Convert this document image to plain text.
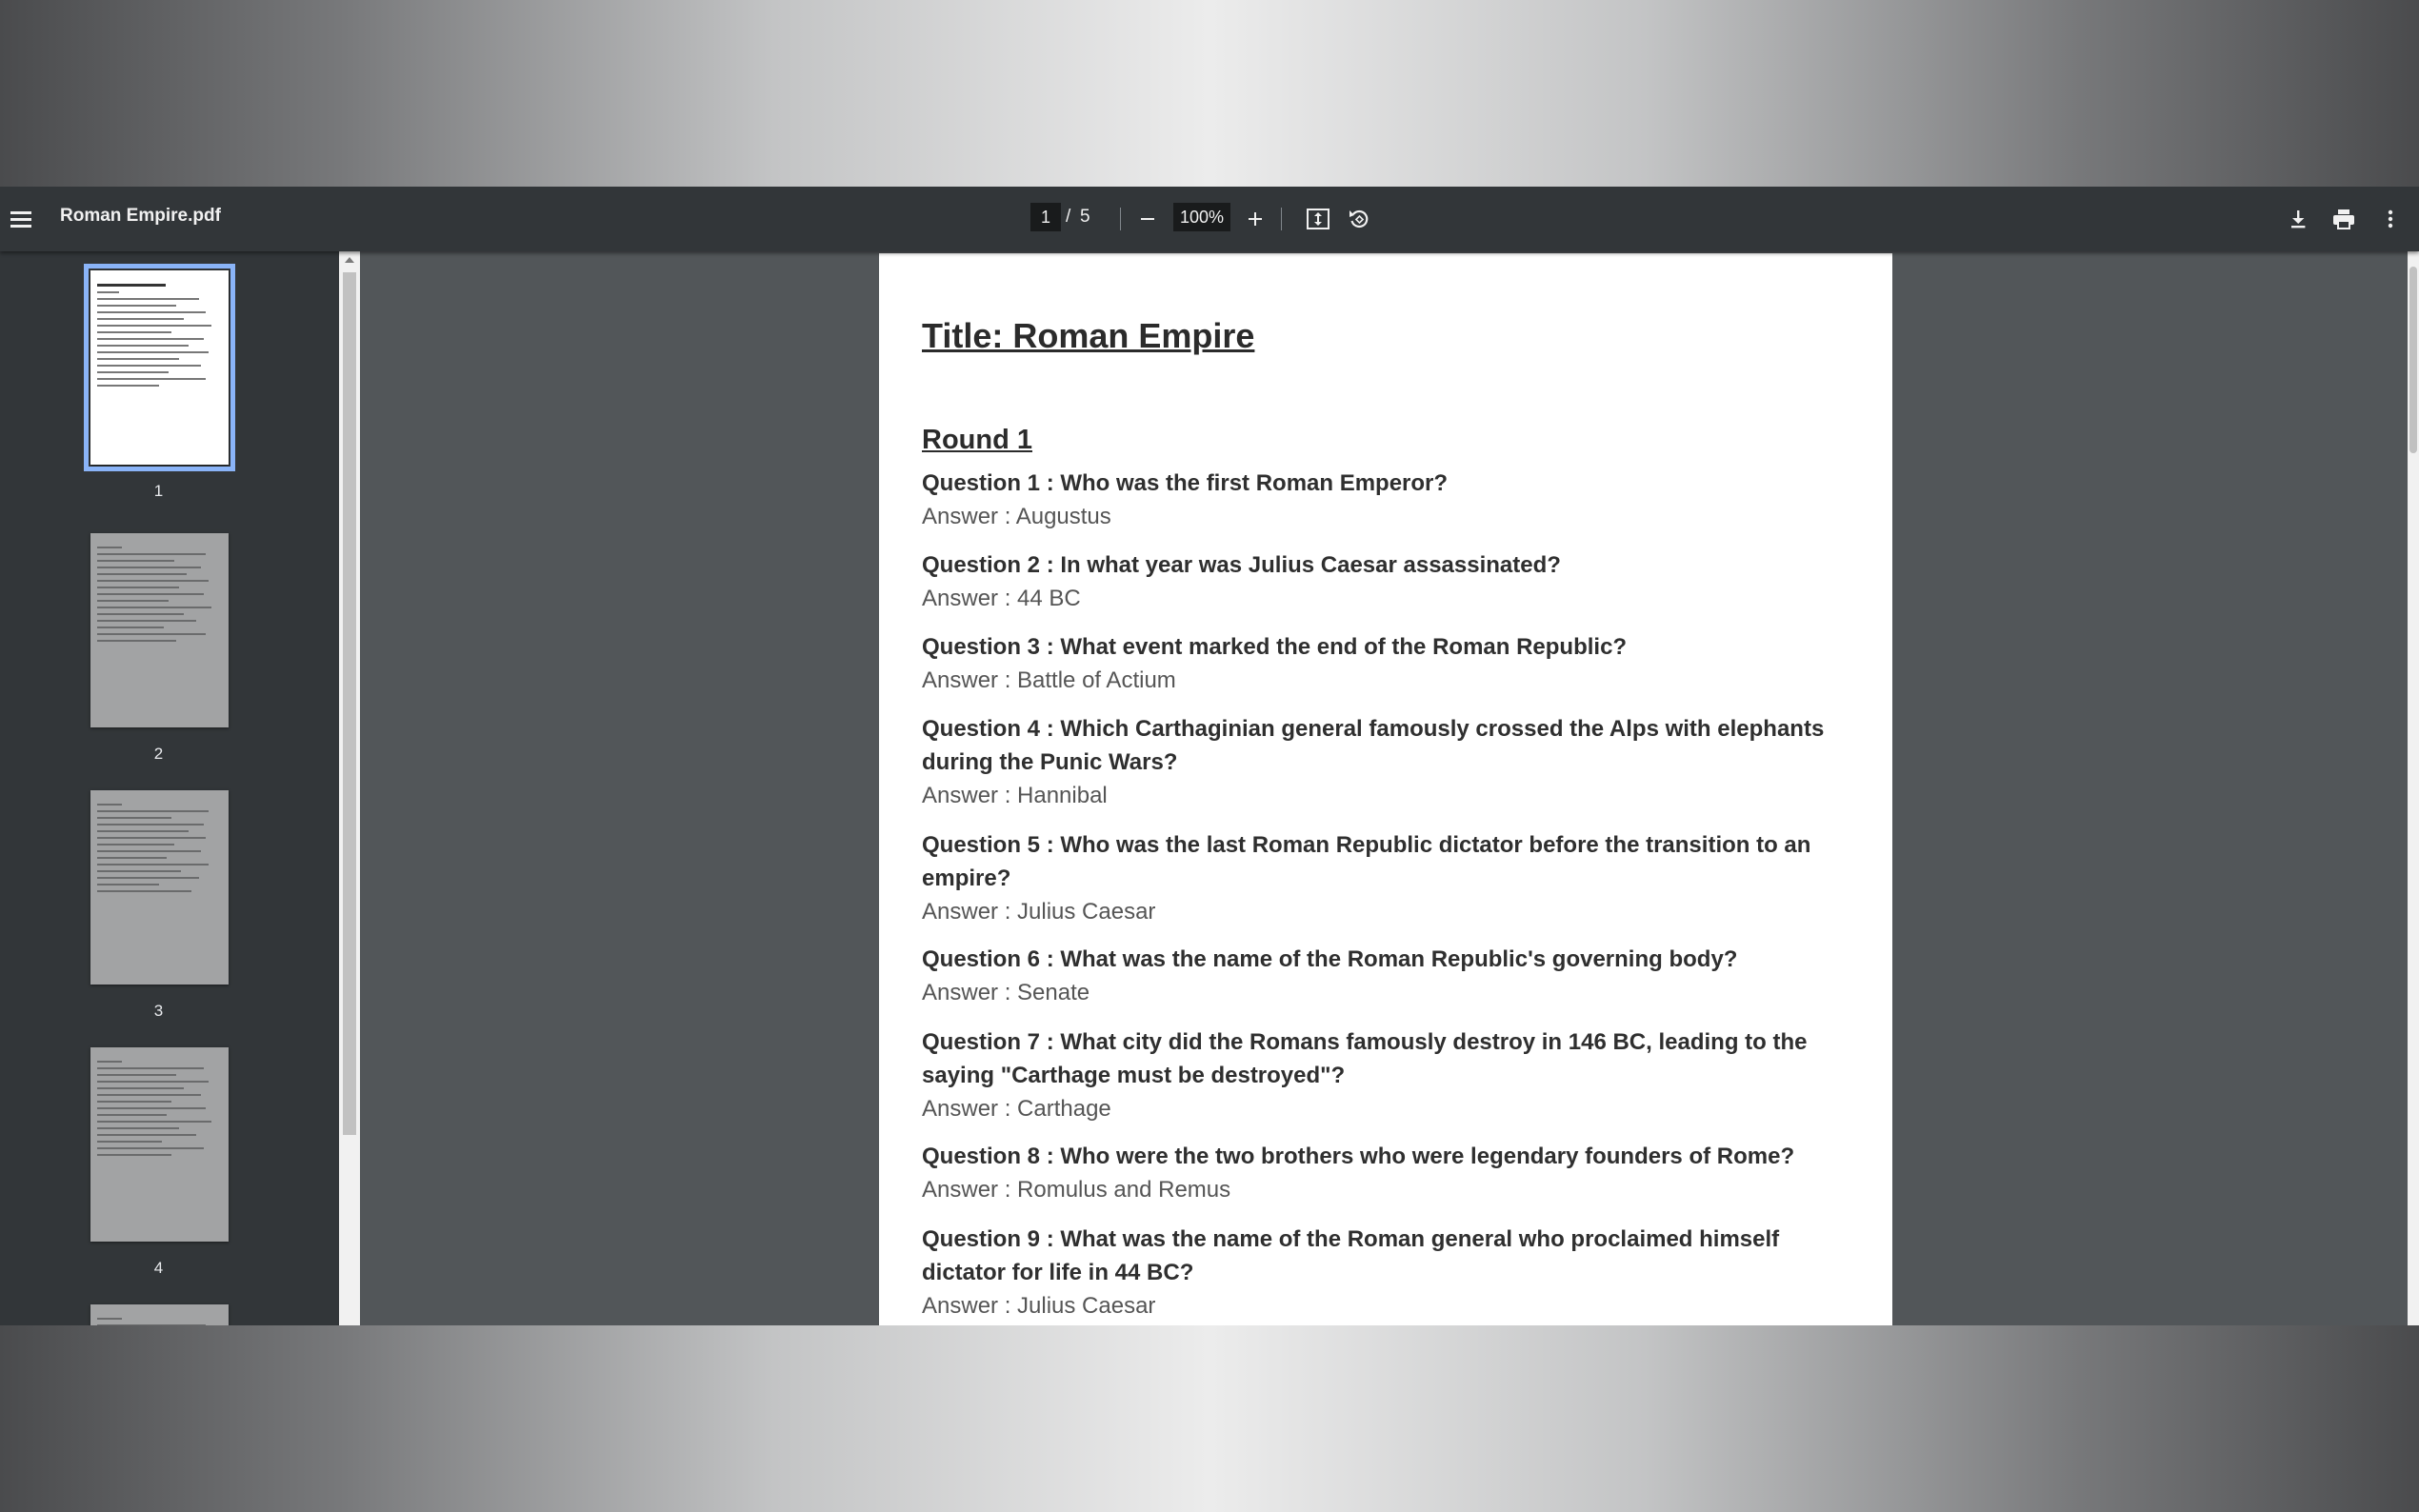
Roman Empire.pdf
1	/ 5
100%
1
2
3
4
Title: Roman Empire
Round 1
Question 1 : Who was the first Roman Emperor?
Answer : Augustus
Question 2 : In what year was Julius Caesar assassinated?
Answer : 44 BC
Question 3 : What event marked the end of the Roman Republic?
Answer : Battle of Actium
Question 4 : Which Carthaginian general famously crossed the Alps with elephants during the Punic Wars?
Answer : Hannibal
Question 5 : Who was the last Roman Republic dictator before the transition to an empire?
Answer : Julius Caesar
Question 6 : What was the name of the Roman Republic's governing body?
Answer : Senate
Question 7 : What city did the Romans famously destroy in 146 BC, leading to the saying "Carthage must be destroyed"?
Answer : Carthage
Question 8 : Who were the two brothers who were legendary founders of Rome?
Answer : Romulus and Remus
Question 9 : What was the name of the Roman general who proclaimed himself dictator for life in 44 BC?
Answer : Julius Caesar
